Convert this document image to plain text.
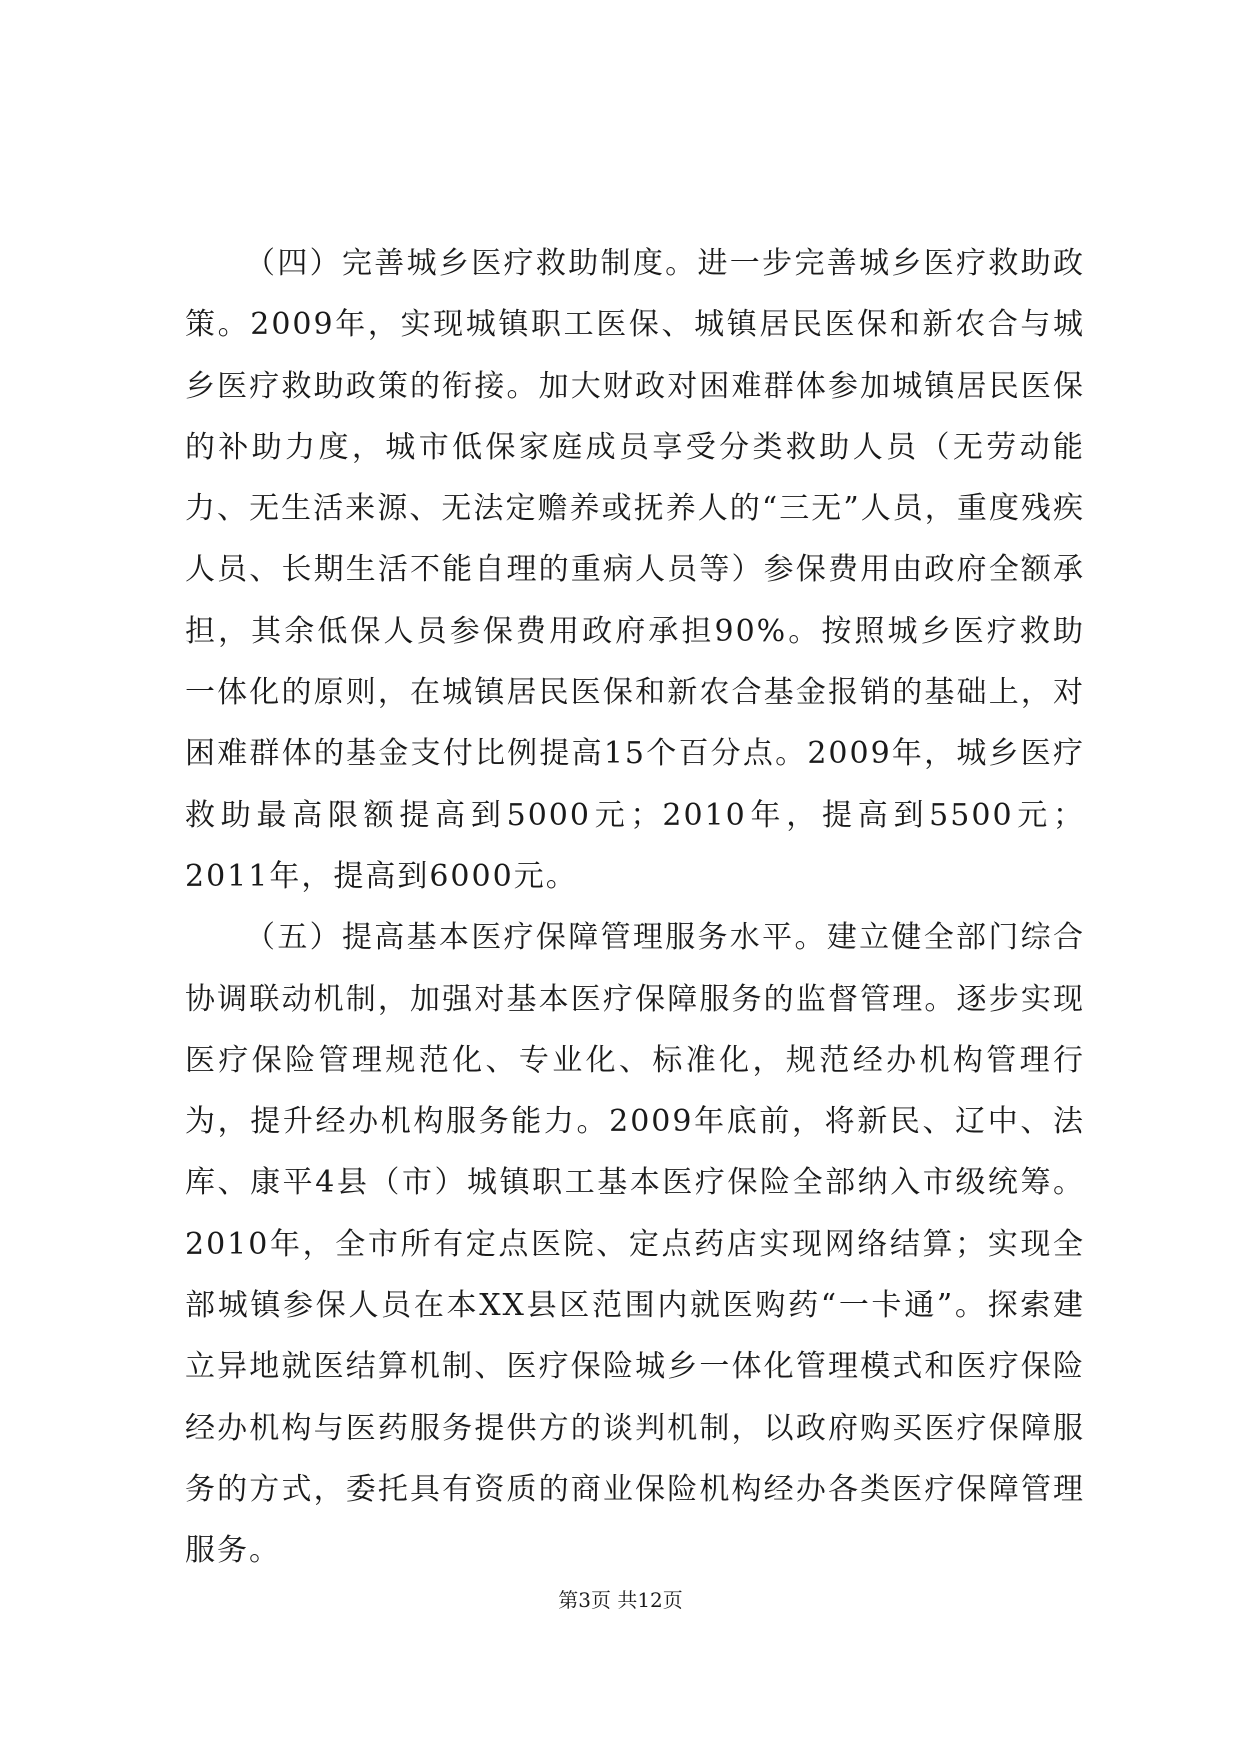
（四）完善城乡医疗救助制度。进一步完善城乡医疗救助政策。2009年，实现城镇职工医保、城镇居民医保和新农合与城乡医疗救助政策的衔接。加大财政对困难群体参加城镇居民医保的补助力度，城市低保家庭成员享受分类救助人员（无劳动能力、无生活来源、无法定赡养或抚养人的“三无”人员，重度残疾人员、长期生活不能自理的重病人员等）参保费用由政府全额承担，其余低保人员参保费用政府承担90%。按照城乡医疗救助一体化的原则，在城镇居民医保和新农合基金报销的基础上，对困难群体的基金支付比例提高15个百分点。2009年，城乡医疗救助最高限额提高到5000元；2010年，提高到5500元；2011年，提高到6000元。

（五）提高基本医疗保障管理服务水平。建立健全部门综合协调联动机制，加强对基本医疗保障服务的监督管理。逐步实现医疗保险管理规范化、专业化、标准化，规范经办机构管理行为，提升经办机构服务能力。2009年底前，将新民、辽中、法库、康平4县（市）城镇职工基本医疗保险全部纳入市级统筹。2010年，全市所有定点医院、定点药店实现网络结算；实现全部城镇参保人员在本XX县区范围内就医购药“一卡通”。探索建立异地就医结算机制、医疗保险城乡一体化管理模式和医疗保险经办机构与医药服务提供方的谈判机制，以政府购买医疗保障服务的方式，委托具有资质的商业保险机构经办各类医疗保障管理服务。

第3页 共12页
